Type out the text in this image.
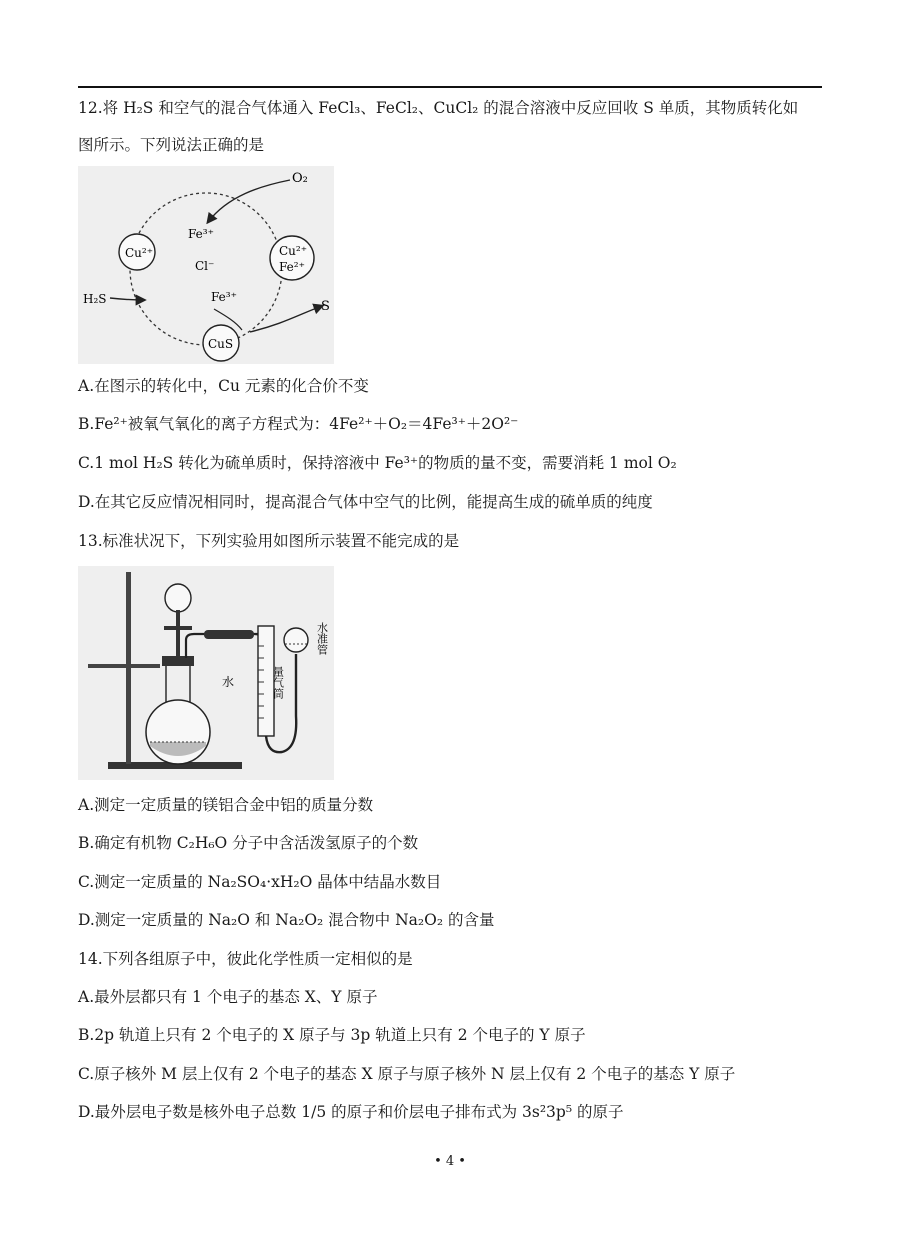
12.将 H₂S 和空气的混合气体通入 FeCl₃、FeCl₂、CuCl₂ 的混合溶液中反应回收 S 单质，其物质转化如
图所示。下列说法正确的是
O₂
Cu²⁺
Fe³⁺
Cl⁻
Cu²⁺
Fe²⁺
H₂S	Fe³⁺
S
CuS
A.在图示的转化中，Cu 元素的化合价不变
B.Fe²⁺被氧气氧化的离子方程式为：4Fe²⁺＋O₂＝4Fe³⁺＋2O²⁻
C.1 mol H₂S 转化为硫单质时，保持溶液中 Fe³⁺的物质的量不变，需要消耗 1 mol O₂
D.在其它反应情况相同时，提高混合气体中空气的比例，能提高生成的硫单质的纯度
13.标准状况下，下列实验用如图所示装置不能完成的是
水	量气筒
水准管
A.测定一定质量的镁铝合金中铝的质量分数
B.确定有机物 C₂H₆O 分子中含活泼氢原子的个数
C.测定一定质量的 Na₂SO₄·xH₂O 晶体中结晶水数目
D.测定一定质量的 Na₂O 和 Na₂O₂ 混合物中 Na₂O₂ 的含量
14.下列各组原子中，彼此化学性质一定相似的是
A.最外层都只有 1 个电子的基态 X、Y 原子
B.2p 轨道上只有 2 个电子的 X 原子与 3p 轨道上只有 2 个电子的 Y 原子
C.原子核外 M 层上仅有 2 个电子的基态 X 原子与原子核外 N 层上仅有 2 个电子的基态 Y 原子
D.最外层电子数是核外电子总数 1/5 的原子和价层电子排布式为 3s²3p⁵ 的原子
• 4 •
